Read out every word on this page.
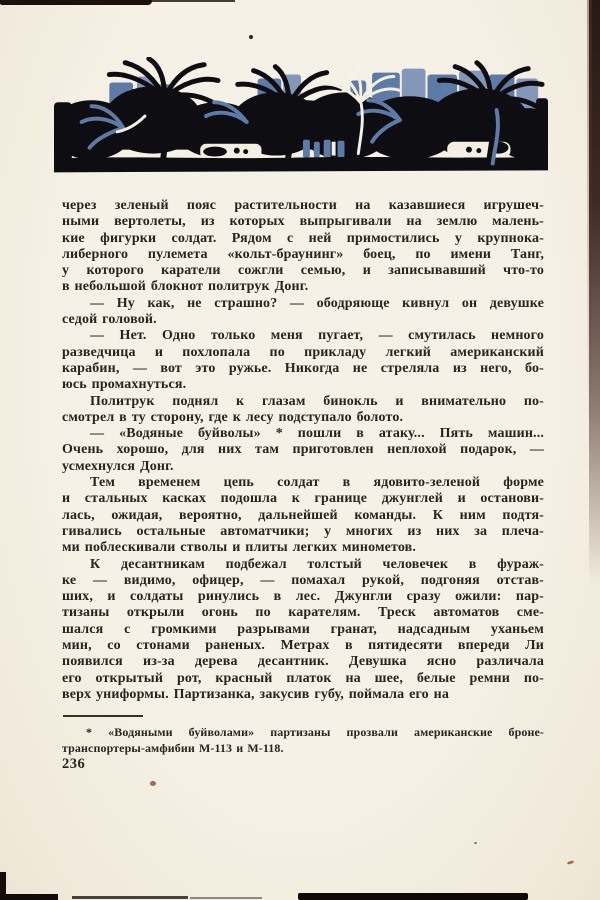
через зеленый пояс растительности на казавшиеся игрушеч-
ными вертолеты, из которых выпрыгивали на землю малень-
кие фигурки солдат. Рядом с ней примостились у крупнока-
либерного пулемета «кольт-браунинг» боец, по имени Танг,
у которого каратели сожгли семью, и записывавший что-то
в небольшой блокнот политрук Донг.
— Ну как, не страшно? — ободряюще кивнул он девушке
седой головой.
— Нет. Одно только меня пугает, — смутилась немного
разведчица и похлопала по прикладу легкий американский
карабин, — вот это ружье. Никогда не стреляла из него, бо-
юсь промахнуться.
Политрук поднял к глазам бинокль и внимательно по-
смотрел в ту сторону, где к лесу подступало болото.
— «Водяные буйволы» * пошли в атаку... Пять машин...
Очень хорошо, для них там приготовлен неплохой подарок, —
усмехнулся Донг.
Тем временем цепь солдат в ядовито-зеленой форме
и стальных касках подошла к границе джунглей и останови-
лась, ожидая, вероятно, дальнейшей команды. К ним подтя-
гивались остальные автоматчики; у многих из них за плеча-
ми поблескивали стволы и плиты легких минометов.
К десантникам подбежал толстый человечек в фураж-
ке — видимо, офицер, — помахал рукой, подгоняя отстав-
ших, и солдаты ринулись в лес. Джунгли сразу ожили: пар-
тизаны открыли огонь по карателям. Треск автоматов сме-
шался с громкими разрывами гранат, надсадным уханьем
мин, со стонами раненых. Метрах в пятидесяти впереди Ли
появился из-за дерева десантник. Девушка ясно различала
его открытый рот, красный платок на шее, белые ремни по-
верх униформы. Партизанка, закусив губу, поймала его на
* «Водяными буйволами» партизаны прозвали американские броне-
транспортеры-амфибии М-113 и М-118.
236
